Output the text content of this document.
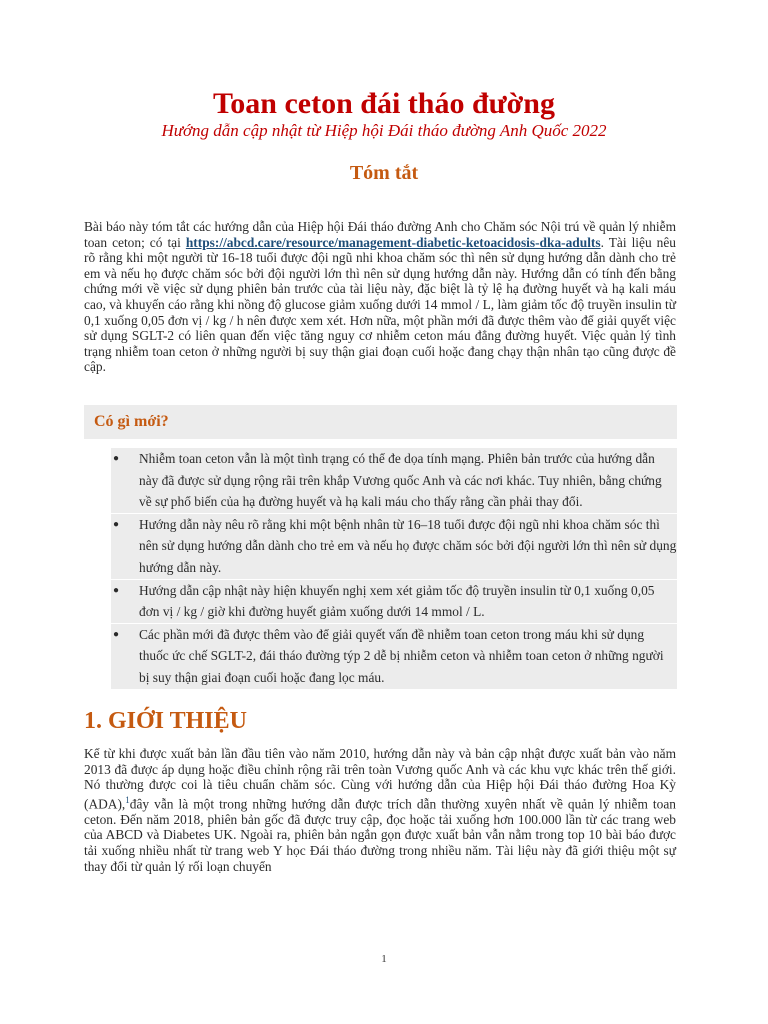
Toan ceton đái tháo đường
Hướng dẫn cập nhật từ Hiệp hội Đái tháo đường Anh Quốc 2022
Tóm tắt

Bài báo này tóm tắt các hướng dẫn của Hiệp hội Đái tháo đường Anh cho Chăm sóc Nội trú về quản lý nhiễm toan ceton; có tại https://abcd.care/resource/management-diabetic-ketoacidosis-dka-adults. Tài liệu nêu rõ rằng khi một người từ 16-18 tuổi được đội ngũ nhi khoa chăm sóc thì nên sử dụng hướng dẫn dành cho trẻ em và nếu họ được chăm sóc bởi đội người lớn thì nên sử dụng hướng dẫn này. Hướng dẫn có tính đến bằng chứng mới về việc sử dụng phiên bản trước của tài liệu này, đặc biệt là tỷ lệ hạ đường huyết và hạ kali máu cao, và khuyến cáo rằng khi nồng độ glucose giảm xuống dưới 14 mmol / L, làm giảm tốc độ truyền insulin từ 0,1 xuống 0,05 đơn vị / kg / h nên được xem xét. Hơn nữa, một phần mới đã được thêm vào để giải quyết việc sử dụng SGLT-2 có liên quan đến việc tăng nguy cơ nhiễm ceton máu đẳng đường huyết. Việc quản lý tình trạng nhiễm toan ceton ở những người bị suy thận giai đoạn cuối hoặc đang chạy thận nhân tạo cũng được đề cập.

Có gì mới?
● Nhiễm toan ceton vẫn là một tình trạng có thể đe dọa tính mạng. Phiên bản trước của hướng dẫn này đã được sử dụng rộng rãi trên khắp Vương quốc Anh và các nơi khác. Tuy nhiên, bằng chứng về sự phổ biến của hạ đường huyết và hạ kali máu cho thấy rằng cần phải thay đổi.
● Hướng dẫn này nêu rõ rằng khi một bệnh nhân từ 16–18 tuổi được đội ngũ nhi khoa chăm sóc thì nên sử dụng hướng dẫn dành cho trẻ em và nếu họ được chăm sóc bởi đội người lớn thì nên sử dụng hướng dẫn này.
● Hướng dẫn cập nhật này hiện khuyến nghị xem xét giảm tốc độ truyền insulin từ 0,1 xuống 0,05 đơn vị / kg / giờ khi đường huyết giảm xuống dưới 14 mmol / L.
● Các phần mới đã được thêm vào để giải quyết vấn đề nhiễm toan ceton trong máu khi sử dụng thuốc ức chế SGLT-2, đái tháo đường týp 2 dễ bị nhiễm ceton và nhiễm toan ceton ở những người bị suy thận giai đoạn cuối hoặc đang lọc máu.
1. GIỚI THIỆU

Kể từ khi được xuất bản lần đầu tiên vào năm 2010, hướng dẫn này và bản cập nhật được xuất bản vào năm 2013 đã được áp dụng hoặc điều chỉnh rộng rãi trên toàn Vương quốc Anh và các khu vực khác trên thế giới. Nó thường được coi là tiêu chuẩn chăm sóc. Cùng với hướng dẫn của Hiệp hội Đái tháo đường Hoa Kỳ (ADA),$^1$đây vẫn là một trong những hướng dẫn được trích dẫn thường xuyên nhất về quản lý nhiễm toan ceton. Đến năm 2018, phiên bản gốc đã được truy cập, đọc hoặc tải xuống hơn 100.000 lần từ các trang web của ABCD và Diabetes UK. Ngoài ra, phiên bản ngắn gọn được xuất bản vẫn nằm trong top 10 bài báo được tải xuống nhiều nhất từ trang web Y học Đái tháo đường trong nhiều năm. Tài liệu này đã giới thiệu một sự thay đổi từ quản lý rối loạn chuyển

1
